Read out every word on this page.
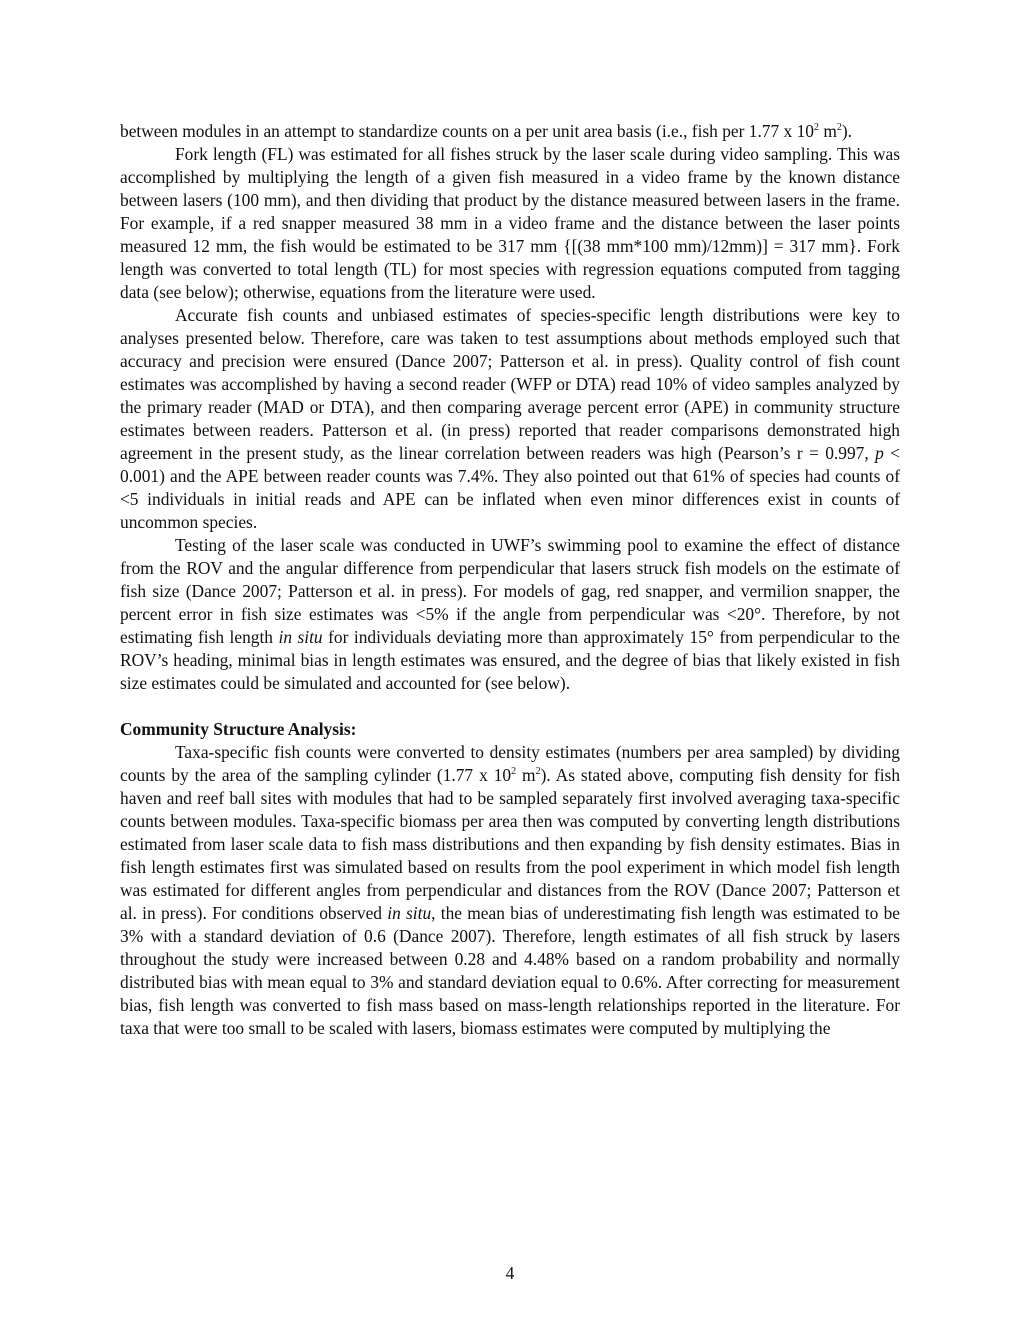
between modules in an attempt to standardize counts on a per unit area basis (i.e., fish per 1.77 x $10^2$ $m^2$).

Fork length (FL) was estimated for all fishes struck by the laser scale during video sampling. This was accomplished by multiplying the length of a given fish measured in a video frame by the known distance between lasers (100 mm), and then dividing that product by the distance measured between lasers in the frame. For example, if a red snapper measured 38 mm in a video frame and the distance between the laser points measured 12 mm, the fish would be estimated to be 317 mm {[(38 mm*100 mm)/12mm)] = 317 mm}. Fork length was converted to total length (TL) for most species with regression equations computed from tagging data (see below); otherwise, equations from the literature were used.

Accurate fish counts and unbiased estimates of species-specific length distributions were key to analyses presented below. Therefore, care was taken to test assumptions about methods employed such that accuracy and precision were ensured (Dance 2007; Patterson et al. in press). Quality control of fish count estimates was accomplished by having a second reader (WFP or DTA) read 10% of video samples analyzed by the primary reader (MAD or DTA), and then comparing average percent error (APE) in community structure estimates between readers. Patterson et al. (in press) reported that reader comparisons demonstrated high agreement in the present study, as the linear correlation between readers was high (Pearson’s r = 0.997, p < 0.001) and the APE between reader counts was 7.4%. They also pointed out that 61% of species had counts of <5 individuals in initial reads and APE can be inflated when even minor differences exist in counts of uncommon species.

Testing of the laser scale was conducted in UWF’s swimming pool to examine the effect of distance from the ROV and the angular difference from perpendicular that lasers struck fish models on the estimate of fish size (Dance 2007; Patterson et al. in press). For models of gag, red snapper, and vermilion snapper, the percent error in fish size estimates was <5% if the angle from perpendicular was <20°. Therefore, by not estimating fish length in situ for individuals deviating more than approximately 15° from perpendicular to the ROV’s heading, minimal bias in length estimates was ensured, and the degree of bias that likely existed in fish size estimates could be simulated and accounted for (see below).

Community Structure Analysis:

Taxa-specific fish counts were converted to density estimates (numbers per area sampled) by dividing counts by the area of the sampling cylinder (1.77 x $10^2$ $m^2$). As stated above, computing fish density for fish haven and reef ball sites with modules that had to be sampled separately first involved averaging taxa-specific counts between modules. Taxa-specific biomass per area then was computed by converting length distributions estimated from laser scale data to fish mass distributions and then expanding by fish density estimates. Bias in fish length estimates first was simulated based on results from the pool experiment in which model fish length was estimated for different angles from perpendicular and distances from the ROV (Dance 2007; Patterson et al. in press). For conditions observed in situ, the mean bias of underestimating fish length was estimated to be 3% with a standard deviation of 0.6 (Dance 2007). Therefore, length estimates of all fish struck by lasers throughout the study were increased between 0.28 and 4.48% based on a random probability and normally distributed bias with mean equal to 3% and standard deviation equal to 0.6%. After correcting for measurement bias, fish length was converted to fish mass based on mass-length relationships reported in the literature. For taxa that were too small to be scaled with lasers, biomass estimates were computed by multiplying the

4
